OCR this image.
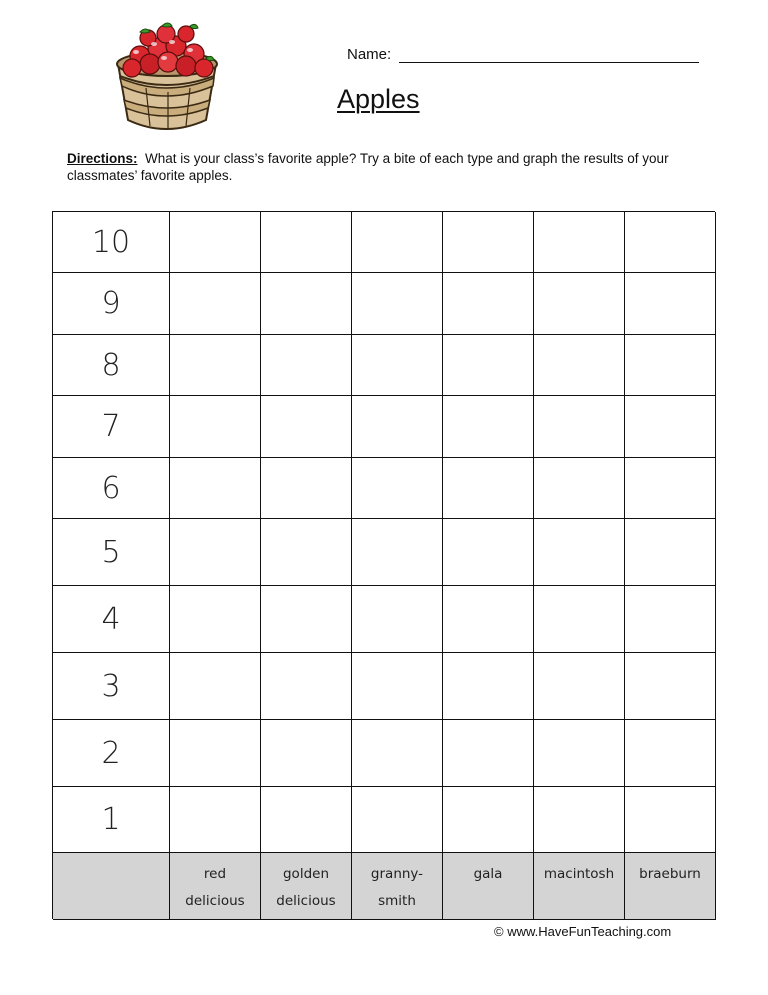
Name:
Apples
Directions: What is your class’s favorite apple? Try a bite of each type and graph the results of your classmates’ favorite apples.
10
9
8
7
6
5
4
3
2
1
red
delicious
golden
delicious
granny-
smith
gala	macintosh	braeburn
© www.HaveFunTeaching.com
